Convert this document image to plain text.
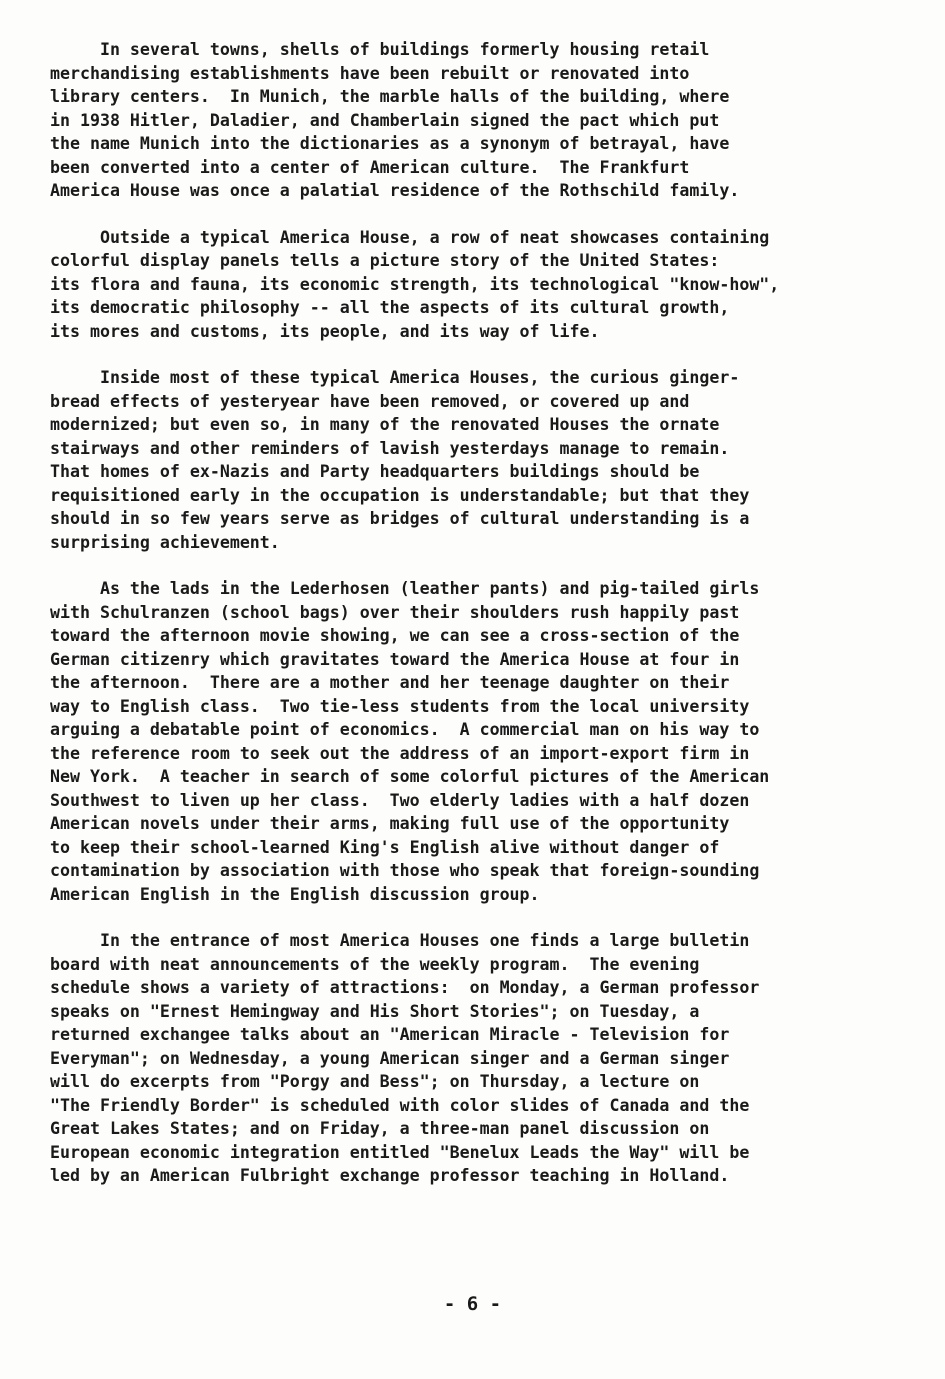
In several towns, shells of buildings formerly housing retail
merchandising establishments have been rebuilt or renovated into
library centers.  In Munich, the marble halls of the building, where
in 1938 Hitler, Daladier, and Chamberlain signed the pact which put
the name Munich into the dictionaries as a synonym of betrayal, have
been converted into a center of American culture.  The Frankfurt
America House was once a palatial residence of the Rothschild family.
Outside a typical America House, a row of neat showcases containing
colorful display panels tells a picture story of the United States:
its flora and fauna, its economic strength, its technological "know-how",
its democratic philosophy -- all the aspects of its cultural growth,
its mores and customs, its people, and its way of life.
Inside most of these typical America Houses, the curious ginger-
bread effects of yesteryear have been removed, or covered up and
modernized; but even so, in many of the renovated Houses the ornate
stairways and other reminders of lavish yesterdays manage to remain.
That homes of ex-Nazis and Party headquarters buildings should be
requisitioned early in the occupation is understandable; but that they
should in so few years serve as bridges of cultural understanding is a
surprising achievement.
As the lads in the Lederhosen (leather pants) and pig-tailed girls
with Schulranzen (school bags) over their shoulders rush happily past
toward the afternoon movie showing, we can see a cross-section of the
German citizenry which gravitates toward the America House at four in
the afternoon.  There are a mother and her teenage daughter on their
way to English class.  Two tie-less students from the local university
arguing a debatable point of economics.  A commercial man on his way to
the reference room to seek out the address of an import-export firm in
New York.  A teacher in search of some colorful pictures of the American
Southwest to liven up her class.  Two elderly ladies with a half dozen
American novels under their arms, making full use of the opportunity
to keep their school-learned King's English alive without danger of
contamination by association with those who speak that foreign-sounding
American English in the English discussion group.
In the entrance of most America Houses one finds a large bulletin
board with neat announcements of the weekly program.  The evening
schedule shows a variety of attractions:  on Monday, a German professor
speaks on "Ernest Hemingway and His Short Stories"; on Tuesday, a
returned exchangee talks about an "American Miracle - Television for
Everyman"; on Wednesday, a young American singer and a German singer
will do excerpts from "Porgy and Bess"; on Thursday, a lecture on
"The Friendly Border" is scheduled with color slides of Canada and the
Great Lakes States; and on Friday, a three-man panel discussion on
European economic integration entitled "Benelux Leads the Way" will be
led by an American Fulbright exchange professor teaching in Holland.
- 6 -
